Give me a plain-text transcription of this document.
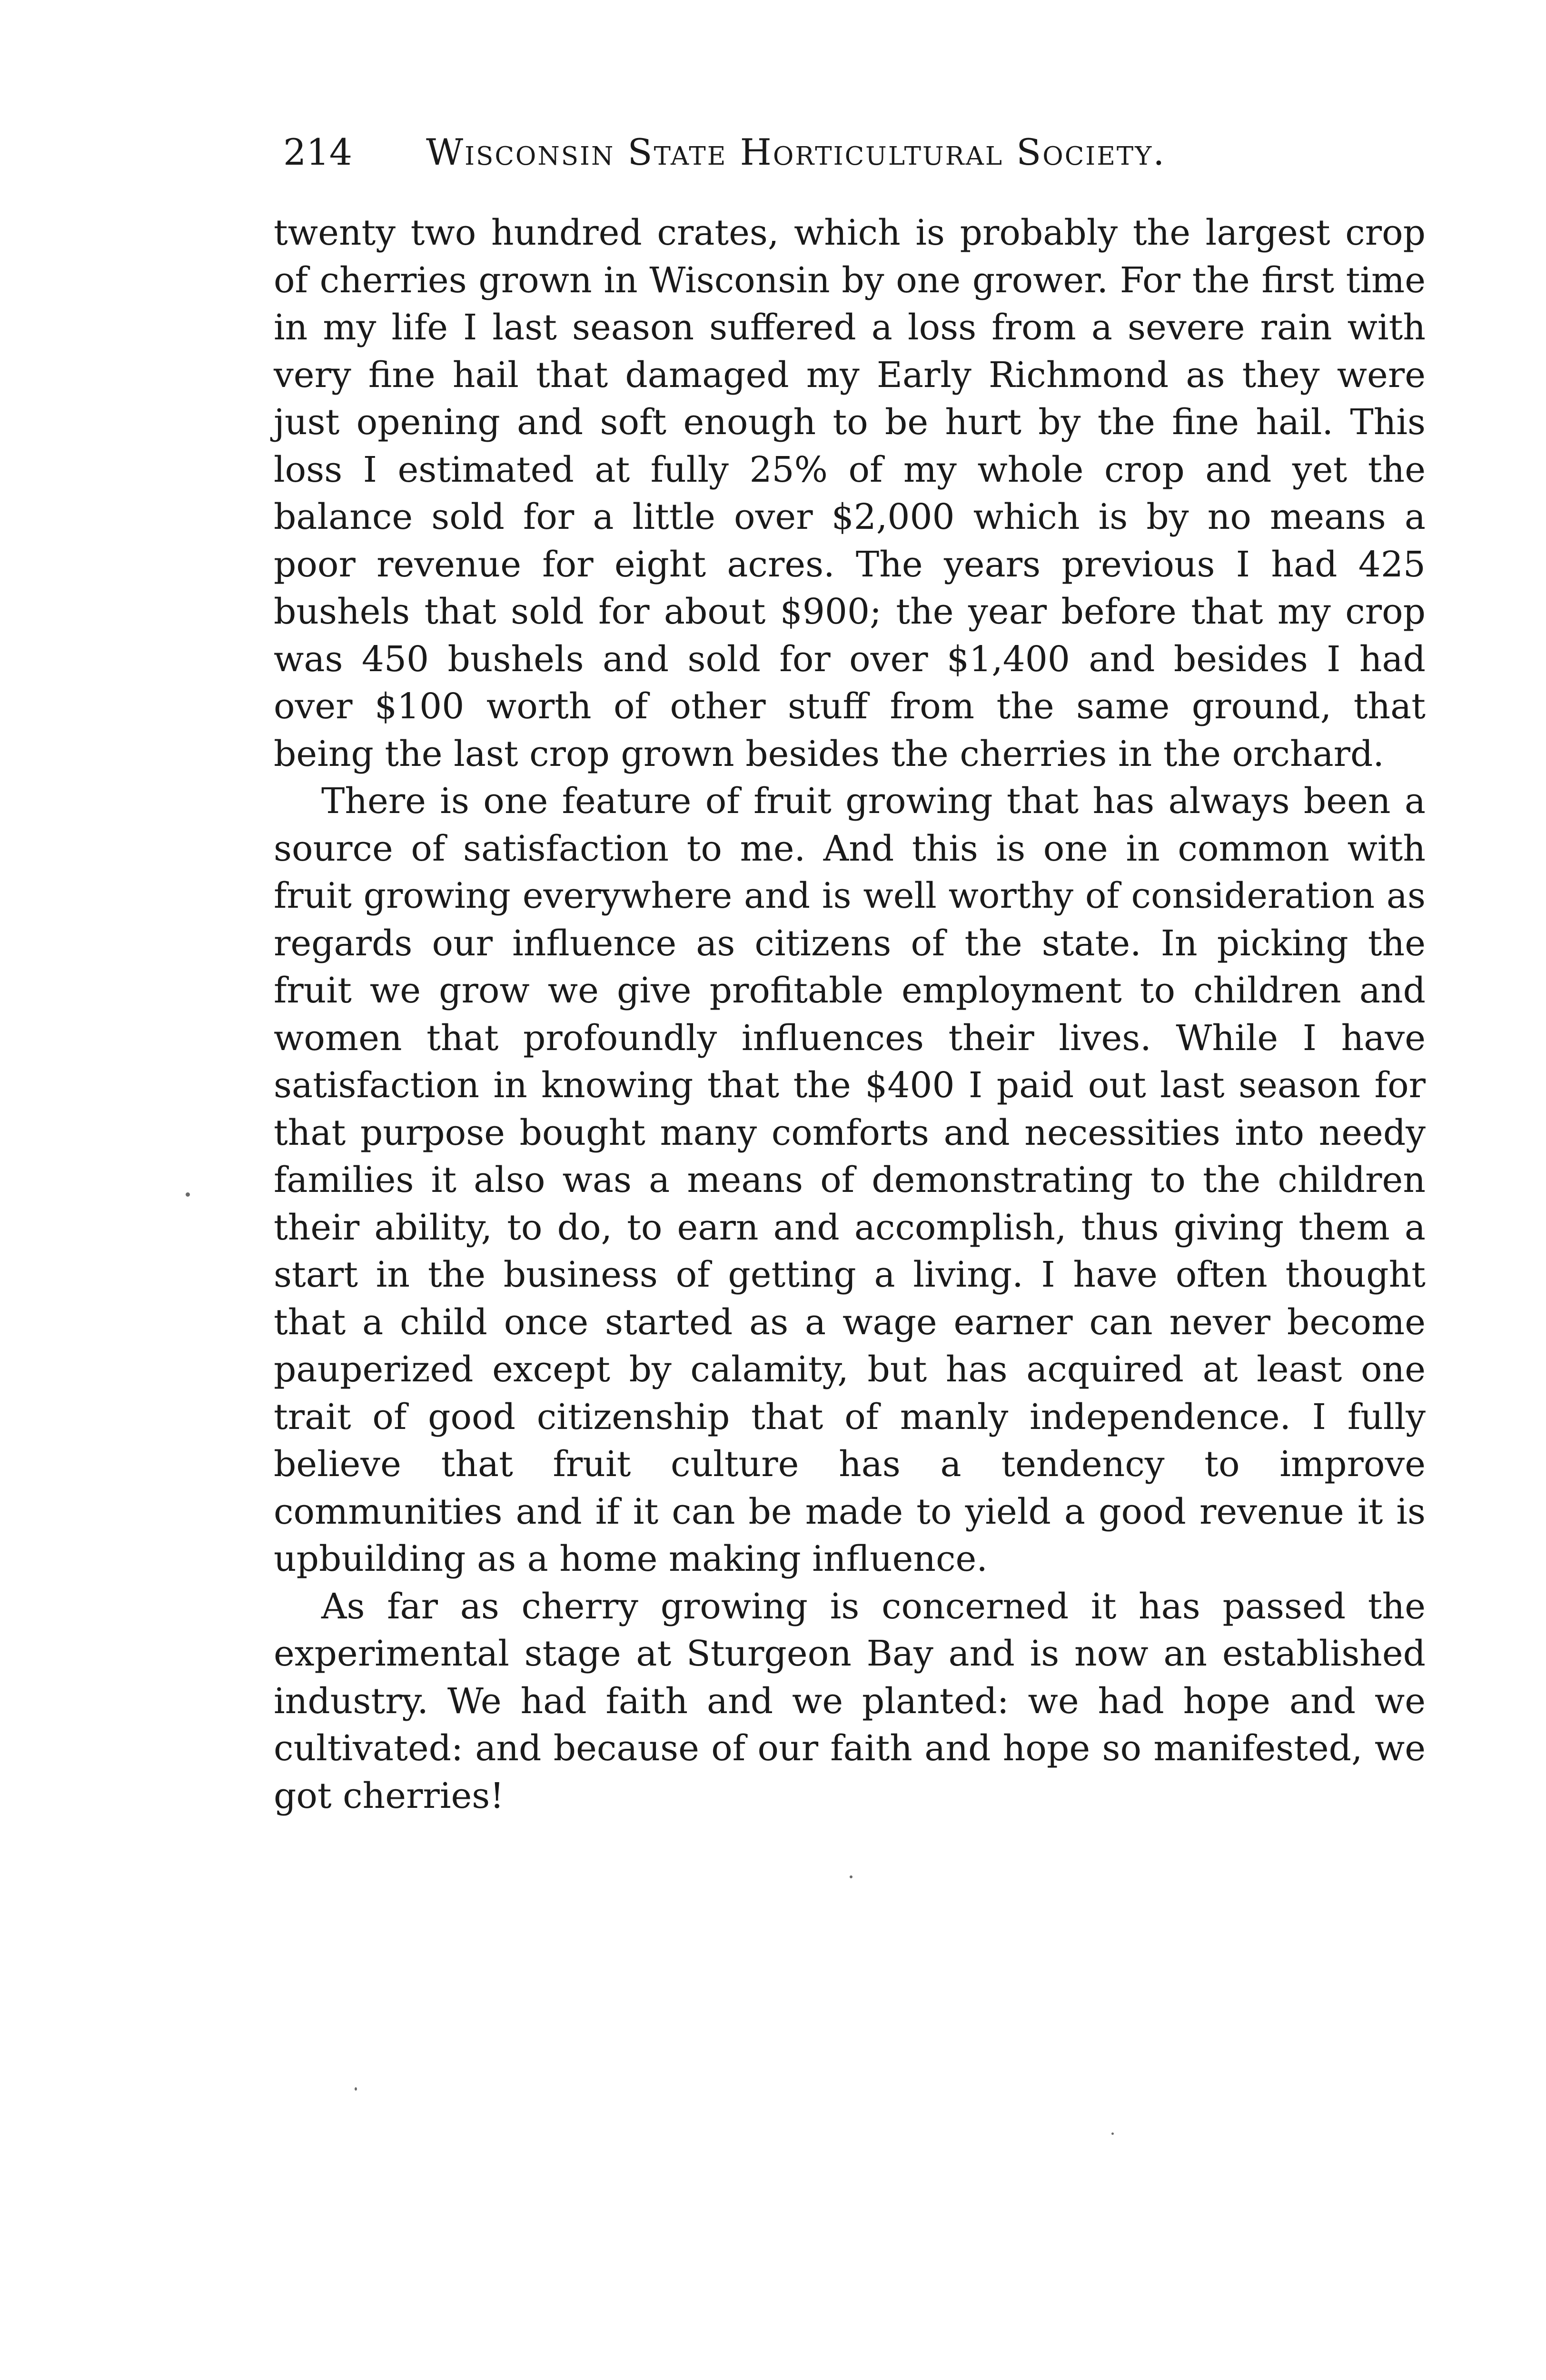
214 Wisconsin State Horticultural Society.

twenty two hundred crates, which is probably the largest crop of cherries grown in Wisconsin by one grower. For the first time in my life I last season suffered a loss from a severe rain with very fine hail that damaged my Early Richmond as they were just opening and soft enough to be hurt by the fine hail. This loss I estimated at fully 25% of my whole crop and yet the balance sold for a little over $2,000 which is by no means a poor revenue for eight acres. The years previous I had 425 bushels that sold for about $900; the year before that my crop was 450 bushels and sold for over $1,400 and besides I had over $100 worth of other stuff from the same ground, that being the last crop grown besides the cherries in the orchard.

There is one feature of fruit growing that has always been a source of satisfaction to me. And this is one in common with fruit growing everywhere and is well worthy of consideration as regards our influence as citizens of the state. In picking the fruit we grow we give profitable employment to children and women that profoundly influences their lives. While I have satisfaction in knowing that the $400 I paid out last season for that purpose bought many comforts and necessities into needy families it also was a means of demonstrating to the children their ability, to do, to earn and accomplish, thus giving them a start in the business of getting a living. I have often thought that a child once started as a wage earner can never become pauperized except by calamity, but has acquired at least one trait of good citizenship that of manly independence. I fully believe that fruit culture has a tendency to improve communities and if it can be made to yield a good revenue it is upbuilding as a home making influence.

As far as cherry growing is concerned it has passed the experimental stage at Sturgeon Bay and is now an established industry. We had faith and we planted: we had hope and we cultivated: and because of our faith and hope so manifested, we got cherries!
